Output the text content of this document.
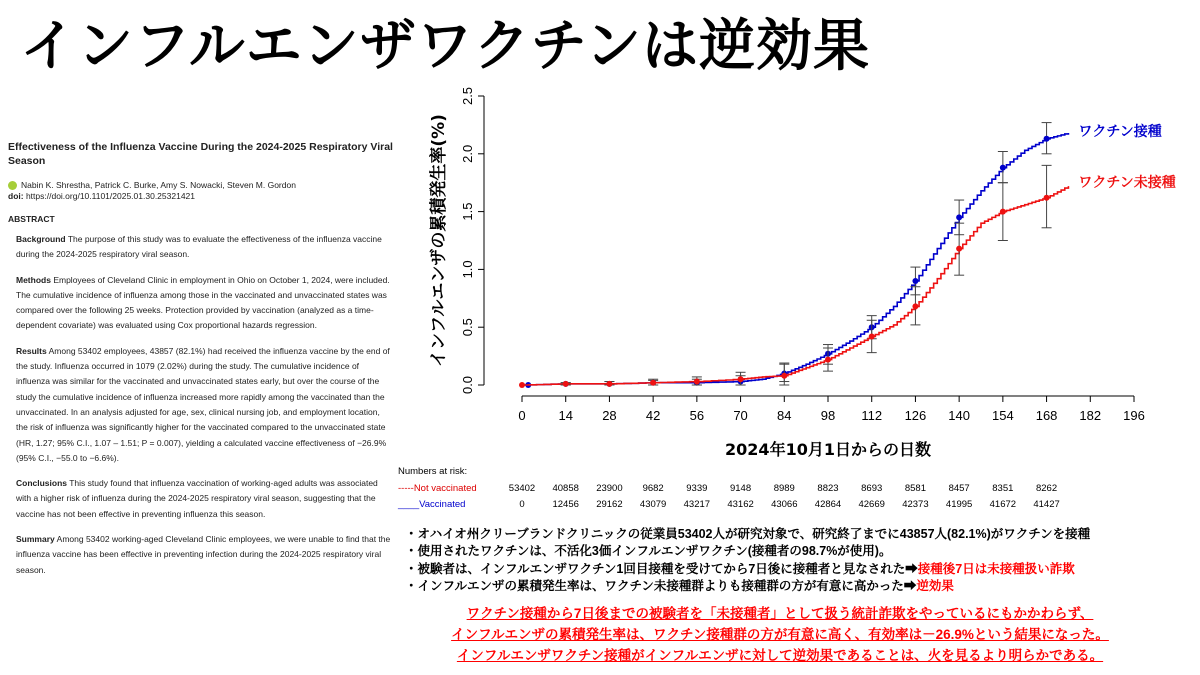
インフルエンザワクチンは逆効果
Effectiveness of the Influenza Vaccine During the 2024-2025 Respiratory Viral Season
Nabin K. Shrestha, Patrick C. Burke, Amy S. Nowacki, Steven M. Gordon
doi: https://doi.org/10.1101/2025.01.30.25321421
ABSTRACT
Background The purpose of this study was to evaluate the effectiveness of the influenza vaccine during the 2024-2025 respiratory viral season.
Methods Employees of Cleveland Clinic in employment in Ohio on October 1, 2024, were included. The cumulative incidence of influenza among those in the vaccinated and unvaccinated states was compared over the following 25 weeks. Protection provided by vaccination (analyzed as a time-dependent covariate) was evaluated using Cox proportional hazards regression.
Results Among 53402 employees, 43857 (82.1%) had received the influenza vaccine by the end of the study. Influenza occurred in 1079 (2.02%) during the study. The cumulative incidence of influenza was similar for the vaccinated and unvaccinated states early, but over the course of the study the cumulative incidence of influenza increased more rapidly among the vaccinated than the unvaccinated. In an analysis adjusted for age, sex, clinical nursing job, and employment location, the risk of influenza was significantly higher for the vaccinated compared to the unvaccinated state (HR, 1.27; 95% C.I., 1.07 – 1.51; P = 0.007), yielding a calculated vaccine effectiveness of −26.9% (95% C.I., −55.0 to −6.6%).
Conclusions This study found that influenza vaccination of working-aged adults was associated with a higher risk of influenza during the 2024-2025 respiratory viral season, suggesting that the vaccine has not been effective in preventing influenza this season.
Summary Among 53402 working-aged Cleveland Clinic employees, we were unable to find that the influenza vaccine has been effective in preventing infection during the 2024-2025 respiratory viral season.
0	14 28 42 56 70 84 98 112 126 140 154 168 182 196
0.0
0.5
1.0
1.5
2.0
2.5
ワクチン接種
ワクチン未接種
2024年10月1日からの日数
インフルエンザの累積発生率(%)
Numbers at risk:
-----Not vaccinated	53402	40858	23900	9682	9339	9148	8989	8823	8693	8581	8457	8351	8262
____Vaccinated	0	12456	29162	43079	43217	43162	43066	42864	42669	42373	41995	41672	41427
・オハイオ州クリーブランドクリニックの従業員53402人が研究対象で、研究終了までに43857人(82.1%)がワクチンを接種
・使用されたワクチンは、不活化3価インフルエンザワクチン(接種者の98.7%が使用)。
・被験者は、インフルエンザワクチン1回目接種を受けてから7日後に接種者と見なされた➡接種後7日は未接種扱い詐欺
・インフルエンザの累積発生率は、ワクチン未接種群よりも接種群の方が有意に高かった➡逆効果
ワクチン接種から7日後までの被験者を「未接種者」として扱う統計詐欺をやっているにもかかわらず、
インフルエンザの累積発生率は、ワクチン接種群の方が有意に高く、有効率は－26.9%という結果になった。
インフルエンザワクチン接種がインフルエンザに対して逆効果であることは、火を見るより明らかである。
